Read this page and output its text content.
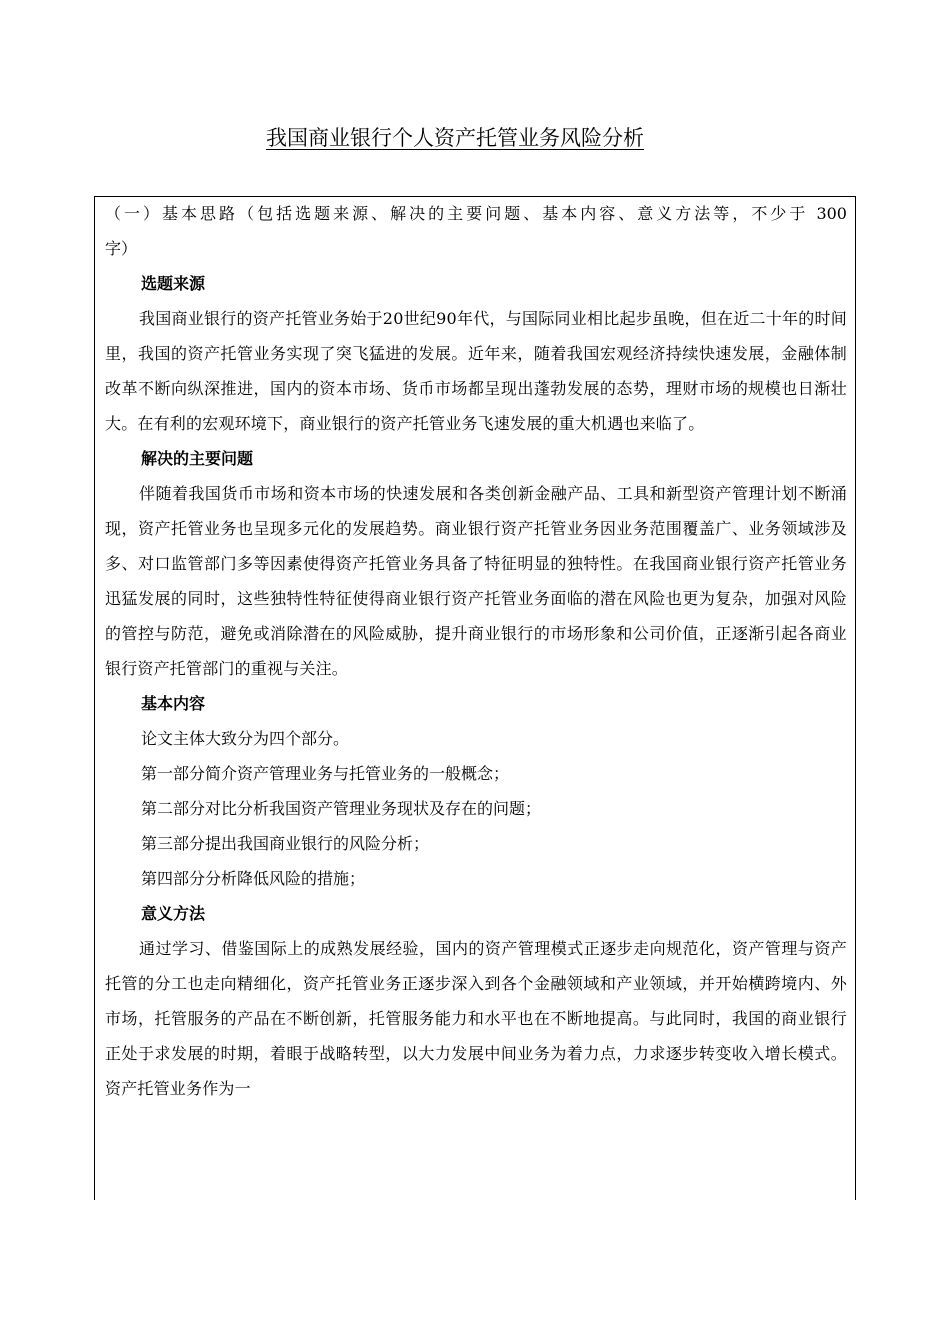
我国商业银行个人资产托管业务风险分析

（一）基本思路（包括选题来源、解决的主要问题、基本内容、意义方法等，不少于 300

字）

选题来源

我国商业银行的资产托管业务始于20世纪90年代，与国际同业相比起步虽晚，但在近二十年的时间里，我国的资产托管业务实现了突飞猛进的发展。近年来，随着我国宏观经济持续快速发展，金融体制改革不断向纵深推进，国内的资本市场、货币市场都呈现出蓬勃发展的态势，理财市场的规模也日渐壮大。在有利的宏观环境下，商业银行的资产托管业务飞速发展的重大机遇也来临了。

解决的主要问题

伴随着我国货币市场和资本市场的快速发展和各类创新金融产品、工具和新型资产管理计划不断涌现，资产托管业务也呈现多元化的发展趋势。商业银行资产托管业务因业务范围覆盖广、业务领域涉及多、对口监管部门多等因素使得资产托管业务具备了特征明显的独特性。在我国商业银行资产托管业务迅猛发展的同时，这些独特性特征使得商业银行资产托管业务面临的潜在风险也更为复杂，加强对风险的管控与防范，避免或消除潜在的风险威胁，提升商业银行的市场形象和公司价值，正逐渐引起各商业银行资产托管部门的重视与关注。

基本内容

论文主体大致分为四个部分。

第一部分简介资产管理业务与托管业务的一般概念；

第二部分对比分析我国资产管理业务现状及存在的问题；

第三部分提出我国商业银行的风险分析；

第四部分分析降低风险的措施；

意义方法

通过学习、借鉴国际上的成熟发展经验，国内的资产管理模式正逐步走向规范化，资产管理与资产托管的分工也走向精细化，资产托管业务正逐步深入到各个金融领域和产业领域，并开始横跨境内、外市场，托管服务的产品在不断创新，托管服务能力和水平也在不断地提高。与此同时，我国的商业银行正处于求发展的时期，着眼于战略转型，以大力发展中间业务为着力点，力求逐步转变收入增长模式。资产托管业务作为一
